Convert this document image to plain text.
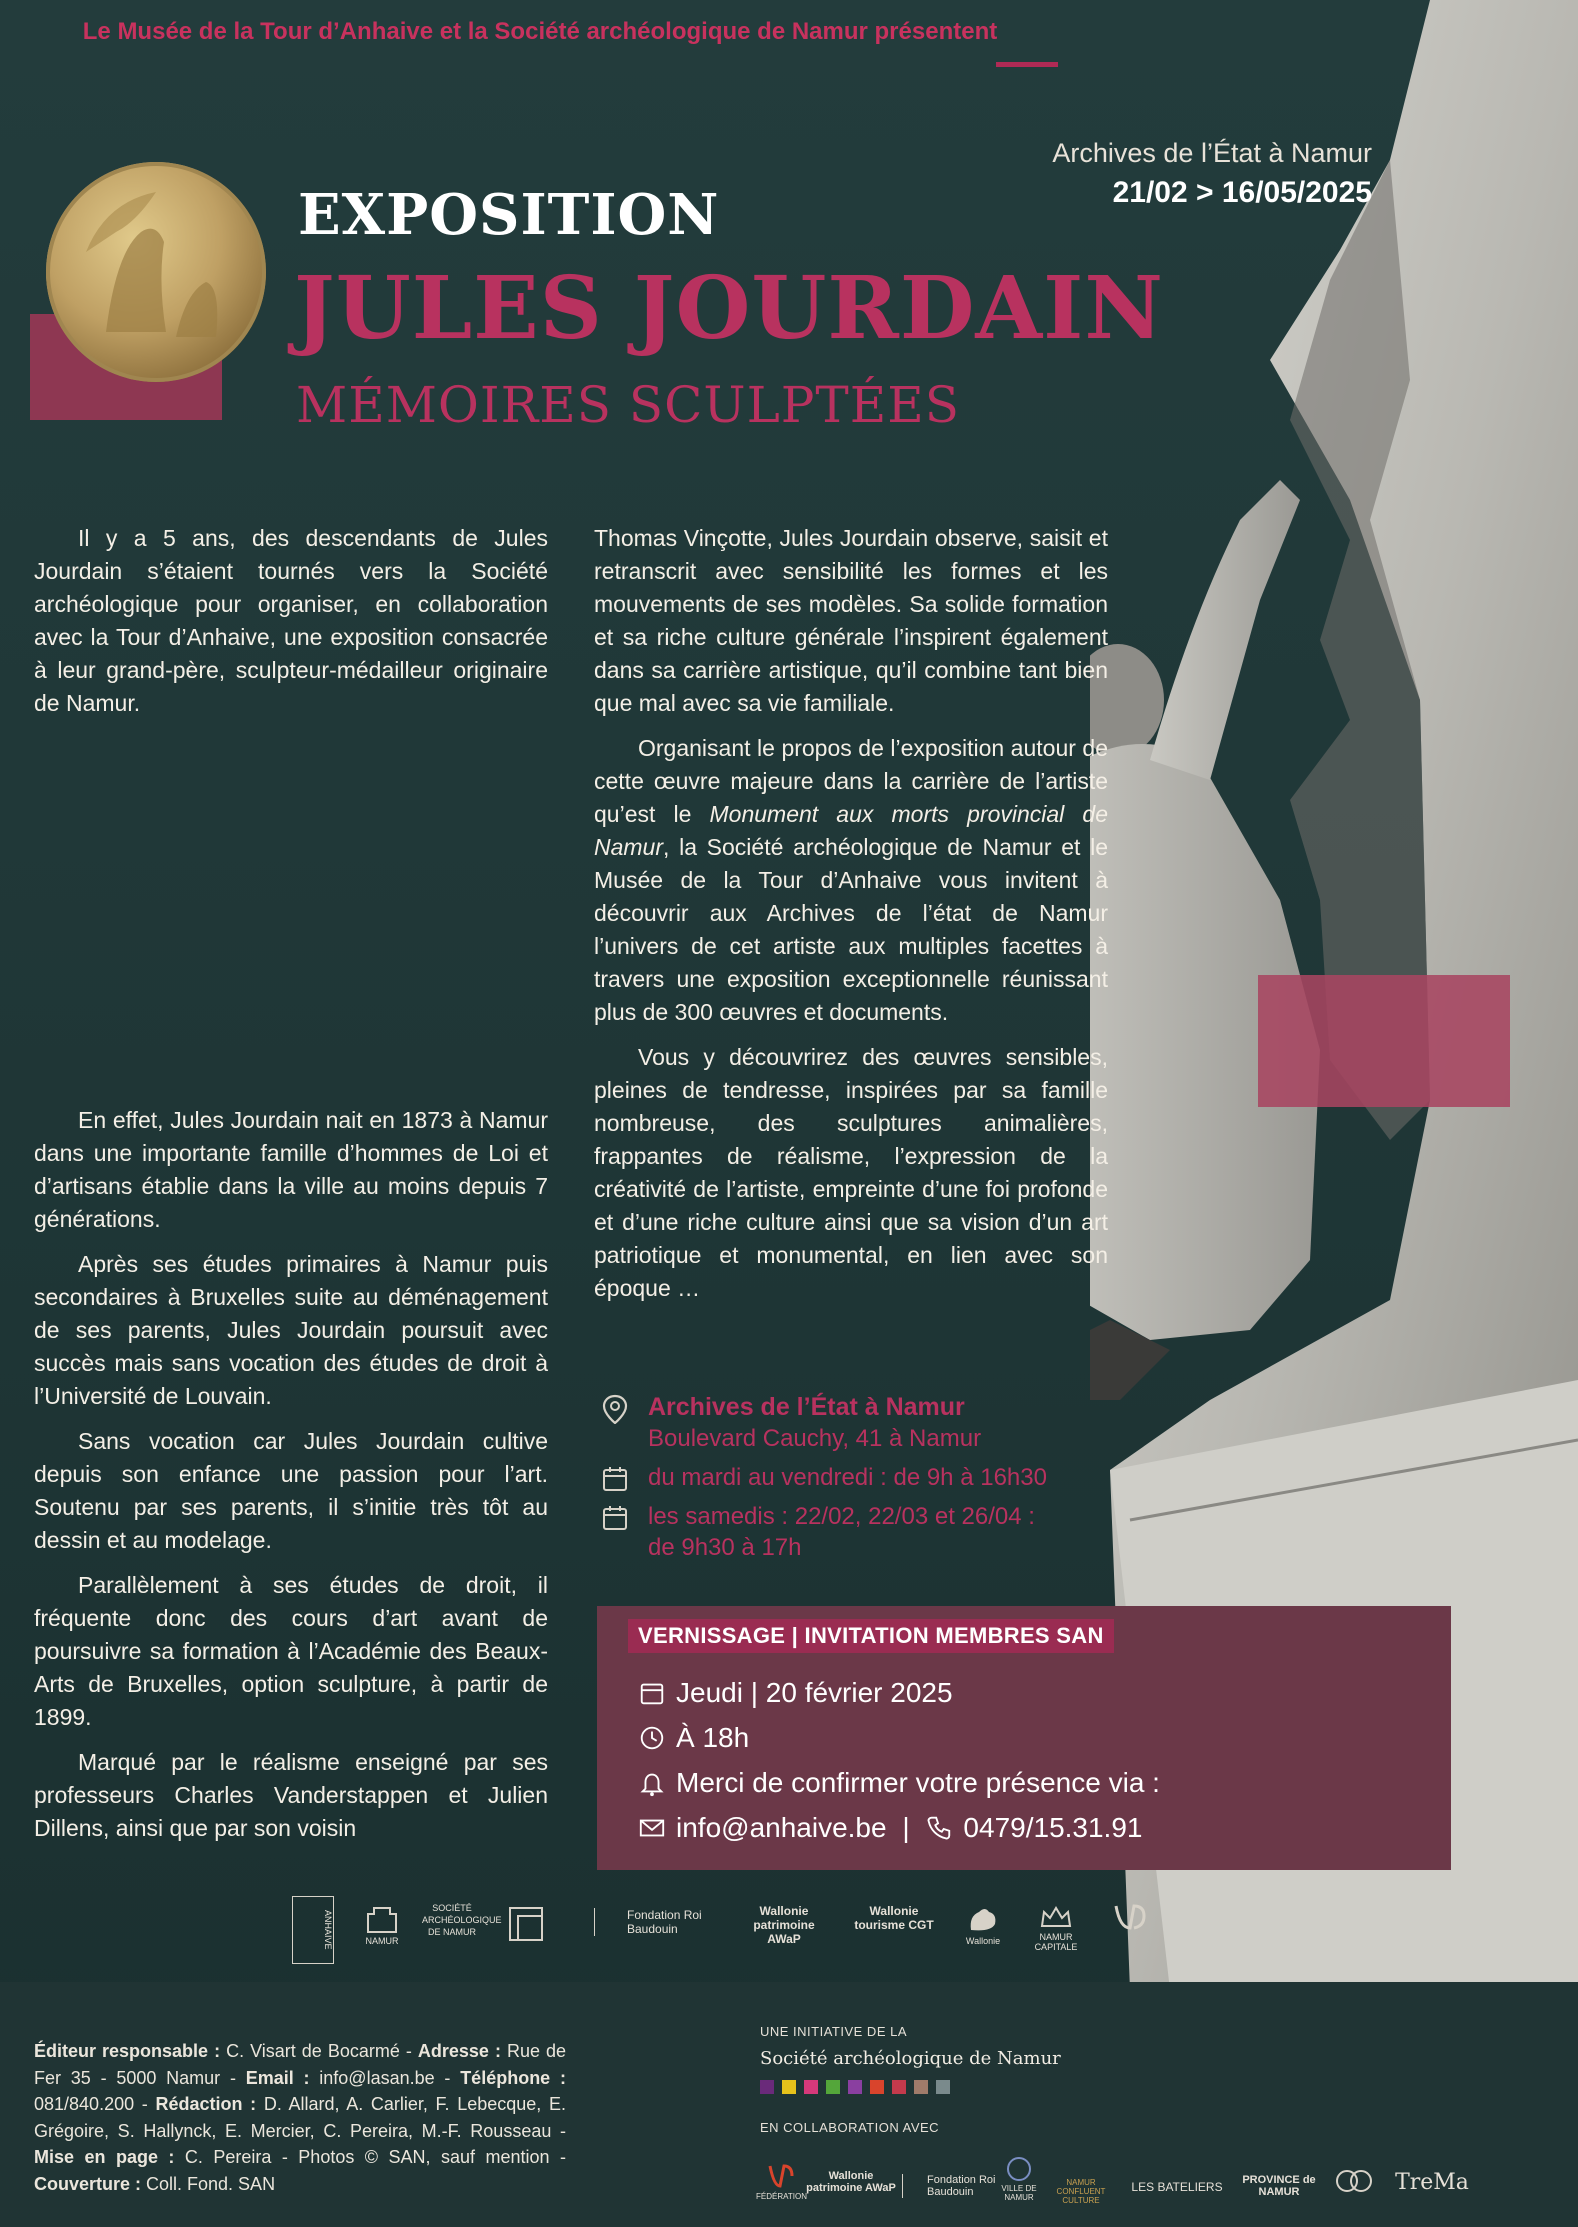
Le Musée de la Tour d’Anhaive et la Société archéologique de Namur présentent
Archives de l’État à Namur
21/02 > 16/05/2025
EXPOSITION
JULES JOURDAIN
MÉMOIRES SCULPTÉES

Il y a 5 ans, des descendants de Jules Jourdain s’étaient tournés vers la Société archéologique pour organiser, en collaboration avec la Tour d’Anhaive, une exposition consacrée à leur grand-père, sculpteur-médailleur originaire de Namur.

En effet, Jules Jourdain nait en 1873 à Namur dans une importante famille d’hommes de Loi et d’artisans établie dans la ville au moins depuis 7 générations.

Après ses études primaires à Namur puis secondaires à Bruxelles suite au déménagement de ses parents, Jules Jourdain poursuit avec succès mais sans vocation des études de droit à l’Université de Louvain.

Sans vocation car Jules Jourdain cultive depuis son enfance une passion pour l’art. Soutenu par ses parents, il s’initie très tôt au dessin et au modelage.

Parallèlement à ses études de droit, il fréquente donc des cours d’art avant de poursuivre sa formation à l’Académie des Beaux-Arts de Bruxelles, option sculpture, à partir de 1899.

Marqué par le réalisme enseigné par ses professeurs Charles Vanderstappen et Julien Dillens, ainsi que par son voisin

Thomas Vinçotte, Jules Jourdain observe, saisit et retranscrit avec sensibilité les formes et les mouvements de ses modèles. Sa solide formation et sa riche culture générale l’inspirent également dans sa carrière artistique, qu’il combine tant bien que mal avec sa vie familiale.

Organisant le propos de l’exposition autour de cette œuvre majeure dans la carrière de l’artiste qu’est le Monument aux morts provincial de Namur, la Société archéologique de Namur et le Musée de la Tour d’Anhaive vous invitent à découvrir aux Archives de l’état de Namur l’univers de cet artiste aux multiples facettes à travers une exposition exceptionnelle réunissant plus de 300 œuvres et documents.

Vous y découvrirez des œuvres sensibles, pleines de tendresse, inspirées par sa famille nombreuse, des sculptures animalières, frappantes de réalisme, l’expression de la créativité de l’artiste, empreinte d’une foi profonde et d’une riche culture ainsi que sa vision d’un art patriotique et monumental, en lien avec son époque …

Archives de l’État à Namur
Boulevard Cauchy, 41 à Namur
du mardi au vendredi : de 9h à 16h30
les samedis : 22/02, 22/03 et 26/04 :
de 9h30 à 17h
VERNISSAGE | INVITATION MEMBRES SAN
Jeudi | 20 février 2025
À 18h
Merci de confirmer votre présence via :
info@anhaive.be | 0479/15.31.91
ANHAIVE	NAMUR
SOCIÉTÉ ARCHÉOLOGIQUE DE NAMUR
Fondation Roi Baudouin
Wallonie patrimoine AWaP
Wallonie tourisme CGT
Wallonie	NAMUR CAPITALE
Éditeur responsable : C. Visart de Bocarmé - Adresse : Rue de Fer 35 - 5000 Namur - Email : info@lasan.be - Téléphone : 081/840.200 - Rédaction : D. Allard, A. Carlier, F. Lebecque, E. Grégoire, S. Hallynck, E. Mercier, C. Pereira, M.-F. Rousseau - Mise en page : C. Pereira - Photos © SAN, sauf mention - Couverture : Coll. Fond. SAN
UNE INITIATIVE DE LA
Société archéologique de Namur
EN COLLABORATION AVEC
FÉDÉRATION
Wallonie patrimoine AWaP
Fondation Roi Baudouin	VILLE DE NAMUR
NAMUR CONFLUENT CULTURE
LES BATELIERS	PROVINCE de NAMUR	TreMa
